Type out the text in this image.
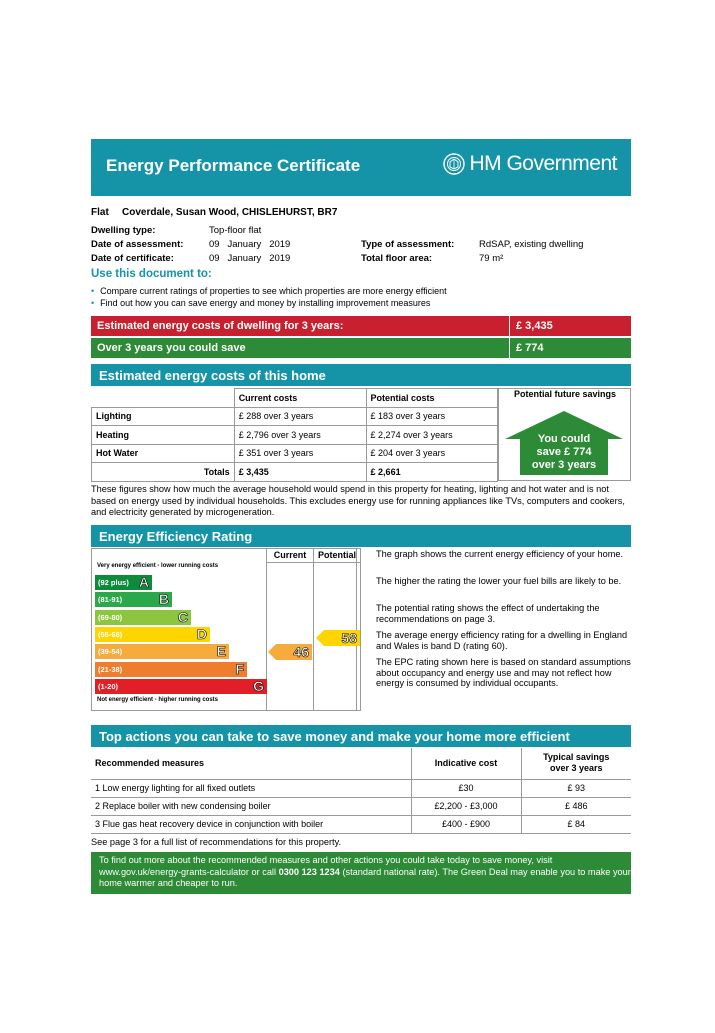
Energy Performance Certificate	HM Government
Flat Coverdale, Susan Wood, CHISLEHURST, BR7
Dwelling type:	Top-floor flat
Date of assessment:	09   January   2019	Type of assessment:	RdSAP, existing dwelling
Date of certificate:	09   January   2019	Total floor area:	79 m²
Use this document to:
• Compare current ratings of properties to see which properties are more energy efficient
• Find out how you can save energy and money by installing improvement measures
Estimated energy costs of dwelling for 3 years:	£ 3,435
Over 3 years you could save	£ 774
Estimated energy costs of this home
	Current costs	Potential costs	
Lighting	£ 288 over 3 years	£ 183 over 3 years	
Heating	£ 2,796 over 3 years	£ 2,274 over 3 years	
Hot Water	£ 351 over 3 years	£ 204 over 3 years	
Totals	£ 3,435	£ 2,661	
Potential future savings
You could
save £ 774
over 3 years
These figures show how much the average household would spend in this property for heating, lighting and hot water and is not based on energy used by individual households. This excludes energy use for running appliances like TVs, computers and cookers, and electricity generated by microgeneration.
Energy Efficiency Rating
Current	Potential
Very energy efficient - lower running costs
Not energy efficient - higher running costs
(92 plus) A
(81-91)	B
(69-80)	C
(55-68)	D
(39-54)	E
(21-38)	F
(1-20)	G
46
58
The graph shows the current energy efficiency of your home.
The higher the rating the lower your fuel bills are likely to be.
The potential rating shows the effect of undertaking the recommendations on page 3.
The average energy efficiency rating for a dwelling in England and Wales is band D (rating 60).
The EPC rating shown here is based on standard assumptions about occupancy and energy use and may not reflect how energy is consumed by individual occupants.
Top actions you can take to save money and make your home more efficient
Recommended measures	Indicative cost	Typical savings
over 3 years

1 Low energy lighting for all fixed outlets	£30	£ 93
2 Replace boiler with new condensing boiler	£2,200 - £3,000	£ 486
3 Flue gas heat recovery device in conjunction with boiler	£400 - £900	£ 84
See page 3 for a full list of recommendations for this property.
To find out more about the recommended measures and other actions you could take today to save money, visit www.gov.uk/energy-grants-calculator or call 0300 123 1234 (standard national rate). The Green Deal may enable you to make your home warmer and cheaper to run.
